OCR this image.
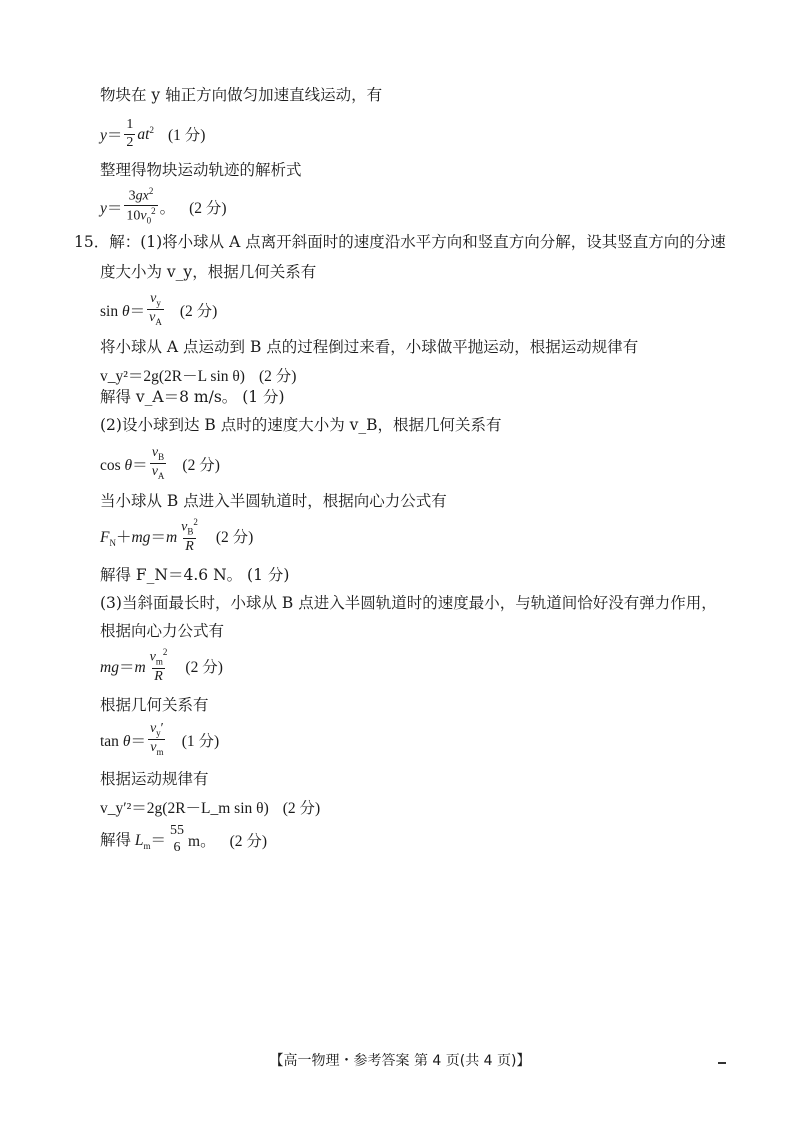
物块在 y 轴正方向做匀加速直线运动，有
$y= \frac{1}{2} at^2$ (1 分)
整理得物块运动轨迹的解析式
$y= \frac{3gx^2}{10v_0^2}$ 。 (2 分)
15．解：(1)将小球从 A 点离开斜面时的速度沿水平方向和竖直方向分解，设其竖直方向的分速
度大小为 v_y，根据几何关系有
$\sin \theta= \frac{v_y}{v_A} (2$ 分)
将小球从 A 点运动到 B 点的过程倒过来看，小球做平抛运动，根据运动规律有
v_y²＝2g(2R－L sin θ) (2 分)
解得 v_A＝8 m/s。 (1 分)
(2)设小球到达 B 点时的速度大小为 v_B，根据几何关系有
$\cos \theta= \frac{v_B}{v_A} (2$ 分)
当小球从 B 点进入半圆轨道时，根据向心力公式有
$F_N+mg=m \frac{v_B^2}{R} (2$ 分)
解得 F_N＝4.6 N。 (1 分)
(3)当斜面最长时，小球从 B 点进入半圆轨道时的速度最小，与轨道间恰好没有弹力作用，
根据向心力公式有
$mg=m \frac{v_m^2}{R} (2$ 分)
根据几何关系有
$\tan \theta= \frac{v_y'}{v_m} (1$ 分)
根据运动规律有
v_y′²＝2g(2R－L_m sin θ) (2 分)
解得 $L_m=$
55
6 m。 (2 分)
【高一物理・参考答案 第 4 页(共 4 页)】
